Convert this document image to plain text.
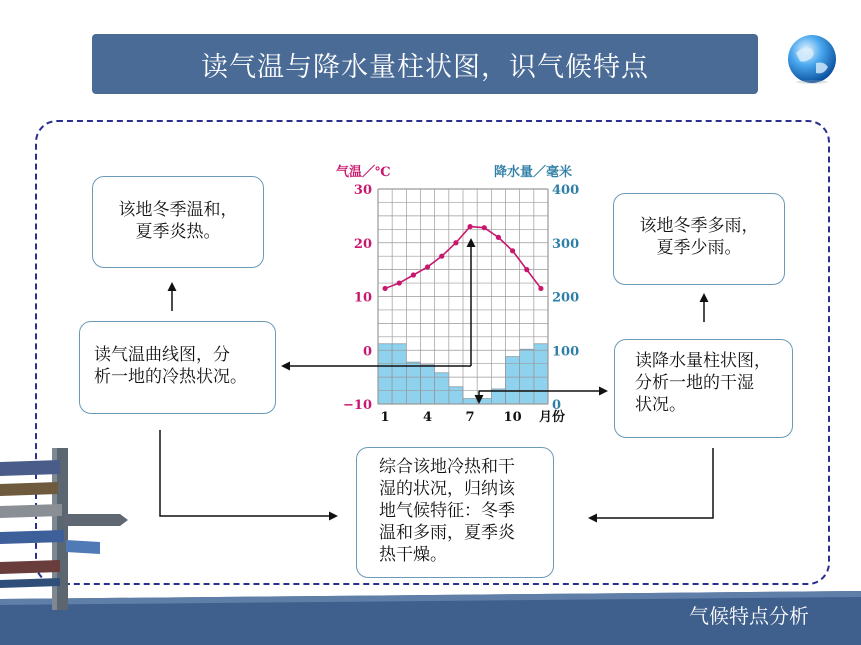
读气温与降水量柱状图，识气候特点
气候特点分析
该地冬季温和，
夏季炎热。
读气温曲线图，分
析一地的冷热状况。
该地冬季多雨，
夏季少雨。
读降水量柱状图，
分析一地的干湿
状况。
综合该地冷热和干
湿的状况，归纳该
地气候特征：冬季
温和多雨，夏季炎
热干燥。
气温／℃	降水量／毫米
30
20
10
0
−10
400
300
200
100
0
1	4	7 10 月份
